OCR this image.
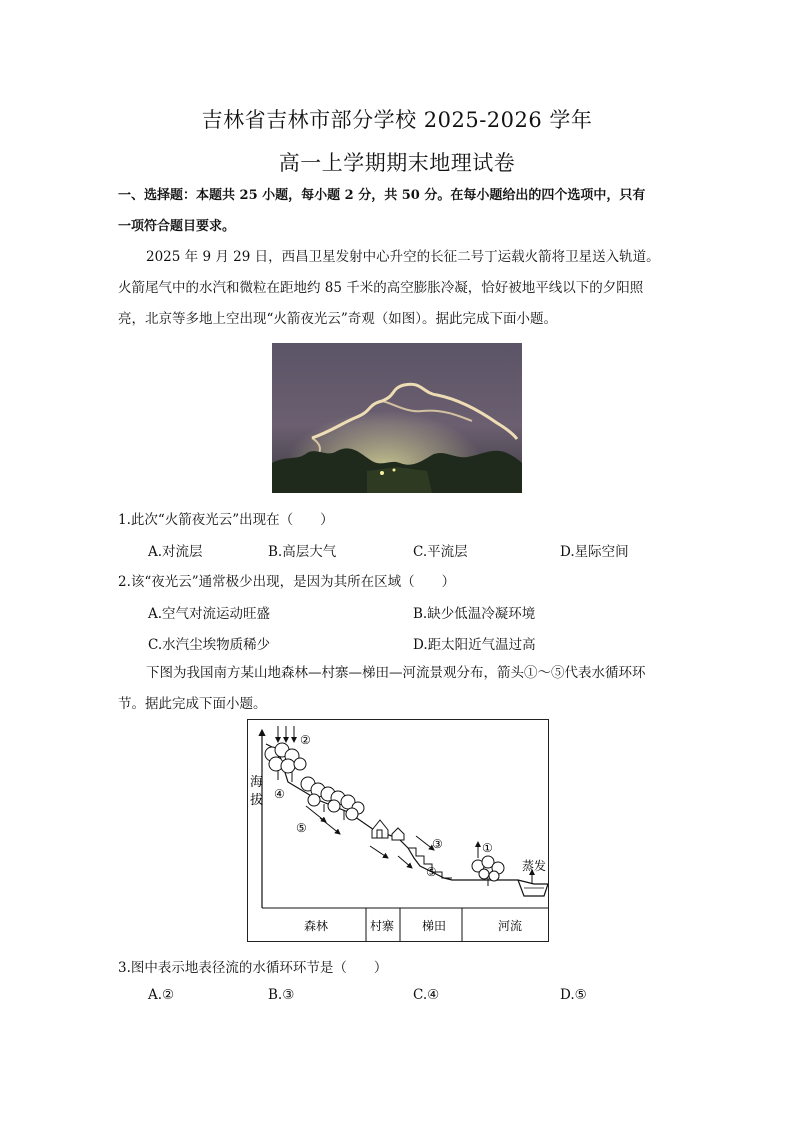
吉林省吉林市部分学校 2025-2026 学年
高一上学期期末地理试卷
一、选择题：本题共 25 小题，每小题 2 分，共 50 分。在每小题给出的四个选项中，只有
一项符合题目要求。
2025 年 9 月 29 日，西昌卫星发射中心升空的长征二号丁运载火箭将卫星送入轨道。
火箭尾气中的水汽和微粒在距地约 85 千米的高空膨胀冷凝，恰好被地平线以下的夕阳照
亮，北京等多地上空出现“火箭夜光云”奇观（如图）。据此完成下面小题。
1.此次“火箭夜光云”出现在（　　）
A.对流层	B.高层大气	C.平流层	D.星际空间
2.该“夜光云”通常极少出现，是因为其所在区域（　　）
A.空气对流运动旺盛	B.缺少低温冷凝环境
C.水汽尘埃物质稀少	D.距太阳近气温过高
下图为我国南方某山地森林—村寨—梯田—河流景观分布，箭头①～⑤代表水循环环
节。据此完成下面小题。
海
拔
森林	村寨 梯田	河流
②
④
⑤
⑤
③	①
蒸发
3.图中表示地表径流的水循环环节是（　　）
A.②	B.③	C.④	D.⑤
